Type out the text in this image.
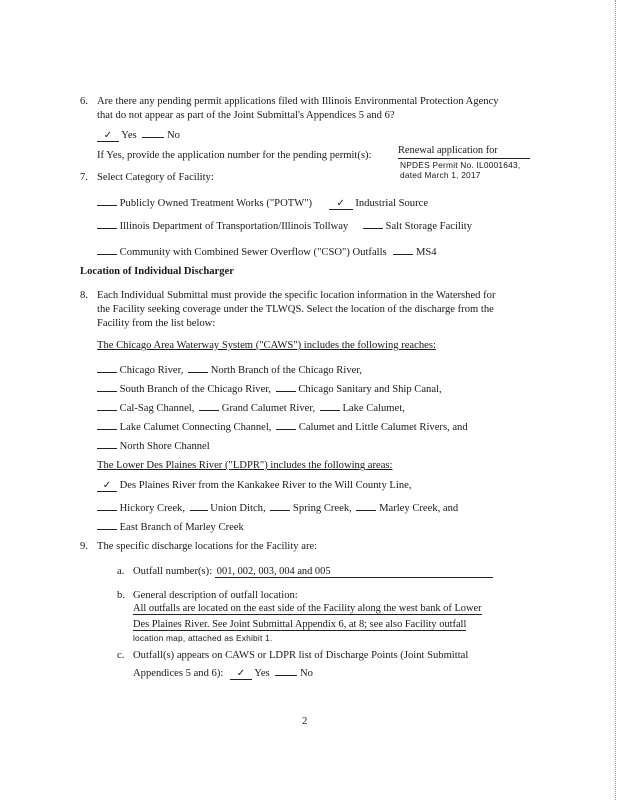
6. Are there any pending permit applications filed with Illinois Environmental Protection Agency
that do not appear as part of the Joint Submittal's Appendices 5 and 6?
✓ Yes	No
If Yes, provide the application number for the pending permit(s):	Renewal application for
NPDES Permit No. IL0001643,
dated March 1, 2017
7. Select Category of Facility:
Publicly Owned Treatment Works ("POTW") ✓ Industrial Source
Illinois Department of Transportation/Illinois Tollway	Salt Storage Facility
Community with Combined Sewer Overflow ("CSO") Outfalls	MS4
Location of Individual Discharger
8. Each Individual Submittal must provide the specific location information in the Watershed for
the Facility seeking coverage under the TLWQS. Select the location of the discharge from the
Facility from the list below:
The Chicago Area Waterway System ("CAWS") includes the following reaches:
Chicago River,	North Branch of the Chicago River,
South Branch of the Chicago River,	Chicago Sanitary and Ship Canal,
Cal-Sag Channel,	Grand Calumet River,	Lake Calumet,
Lake Calumet Connecting Channel,	Calumet and Little Calumet Rivers, and
North Shore Channel
The Lower Des Plaines River ("LDPR") includes the following areas:
✓ Des Plaines River from the Kankakee River to the Will County Line,
Hickory Creek, Union Ditch,	Spring Creek,	Marley Creek, and
East Branch of Marley Creek
9. The specific discharge locations for the Facility are:
a. Outfall number(s): 001, 002, 003, 004 and 005
b. General description of outfall location:
All outfalls are located on the east side of the Facility along the west bank of Lower
Des Plaines River. See Joint Submittal Appendix 6, at 8; see also Facility outfall
location map, attached as Exhibit 1.
c. Outfall(s) appears on CAWS or LDPR list of Discharge Points (Joint Submittal
Appendices 5 and 6): ✓ Yes	No
2
